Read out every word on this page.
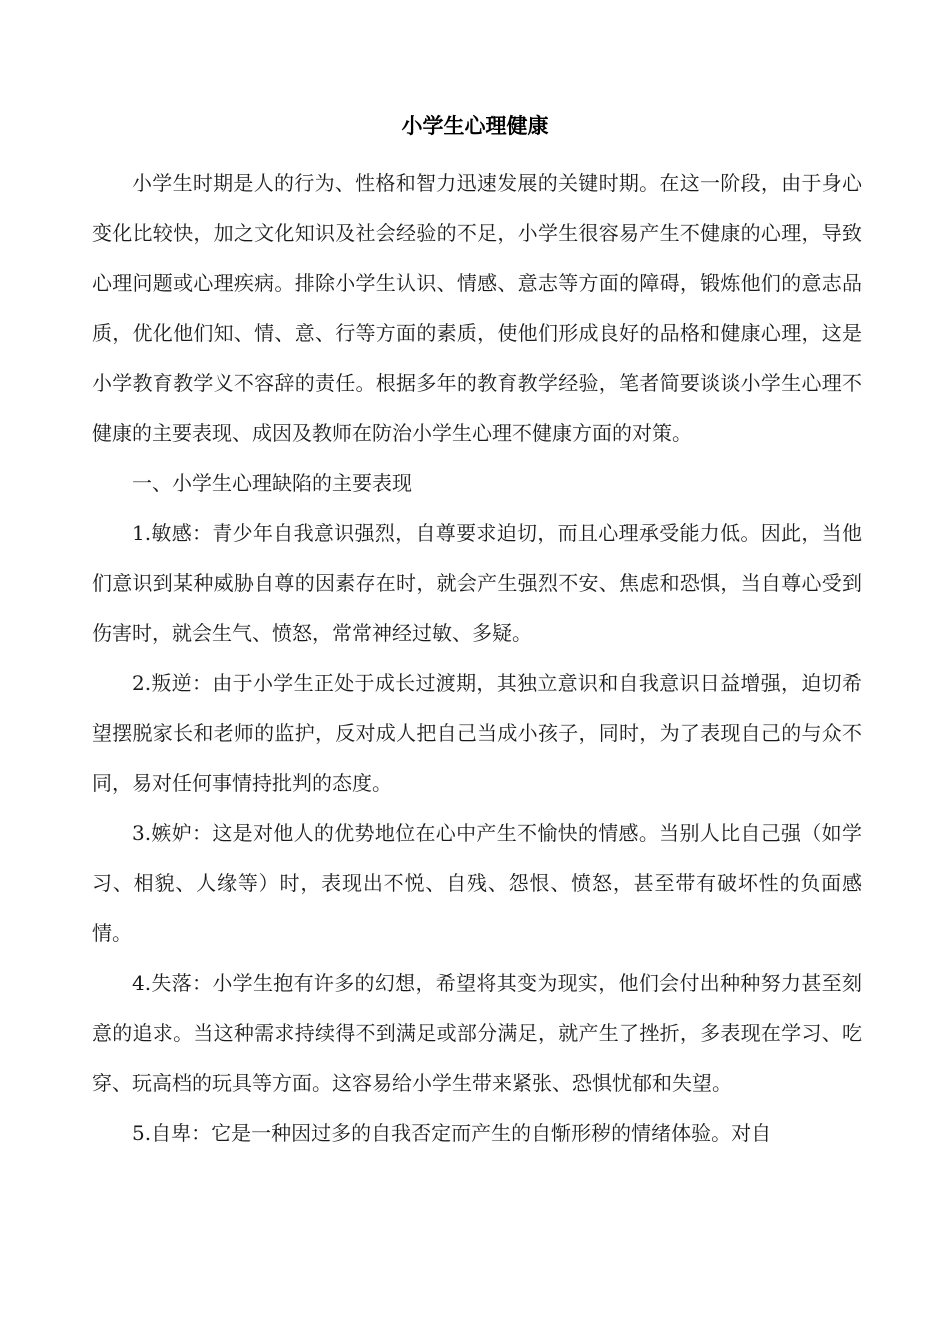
小学生心理健康

小学生时期是人的行为、性格和智力迅速发展的关键时期。在这一阶段，由于身心变化比较快，加之文化知识及社会经验的不足，小学生很容易产生不健康的心理，导致心理问题或心理疾病。排除小学生认识、情感、意志等方面的障碍，锻炼他们的意志品质，优化他们知、情、意、行等方面的素质，使他们形成良好的品格和健康心理，这是小学教育教学义不容辞的责任。根据多年的教育教学经验，笔者简要谈谈小学生心理不健康的主要表现、成因及教师在防治小学生心理不健康方面的对策。

一、小学生心理缺陷的主要表现

1.敏感：青少年自我意识强烈，自尊要求迫切，而且心理承受能力低。因此，当他们意识到某种威胁自尊的因素存在时，就会产生强烈不安、焦虑和恐惧，当自尊心受到伤害时，就会生气、愤怒，常常神经过敏、多疑。

2.叛逆：由于小学生正处于成长过渡期，其独立意识和自我意识日益增强，迫切希望摆脱家长和老师的监护，反对成人把自己当成小孩子，同时，为了表现自己的与众不同，易对任何事情持批判的态度。

3.嫉妒：这是对他人的优势地位在心中产生不愉快的情感。当别人比自己强（如学习、相貌、人缘等）时，表现出不悦、自残、怨恨、愤怒，甚至带有破坏性的负面感情。

4.失落：小学生抱有许多的幻想，希望将其变为现实，他们会付出种种努力甚至刻意的追求。当这种需求持续得不到满足或部分满足，就产生了挫折，多表现在学习、吃穿、玩高档的玩具等方面。这容易给小学生带来紧张、恐惧忧郁和失望。

5.自卑：它是一种因过多的自我否定而产生的自惭形秽的情绪体验。对自
